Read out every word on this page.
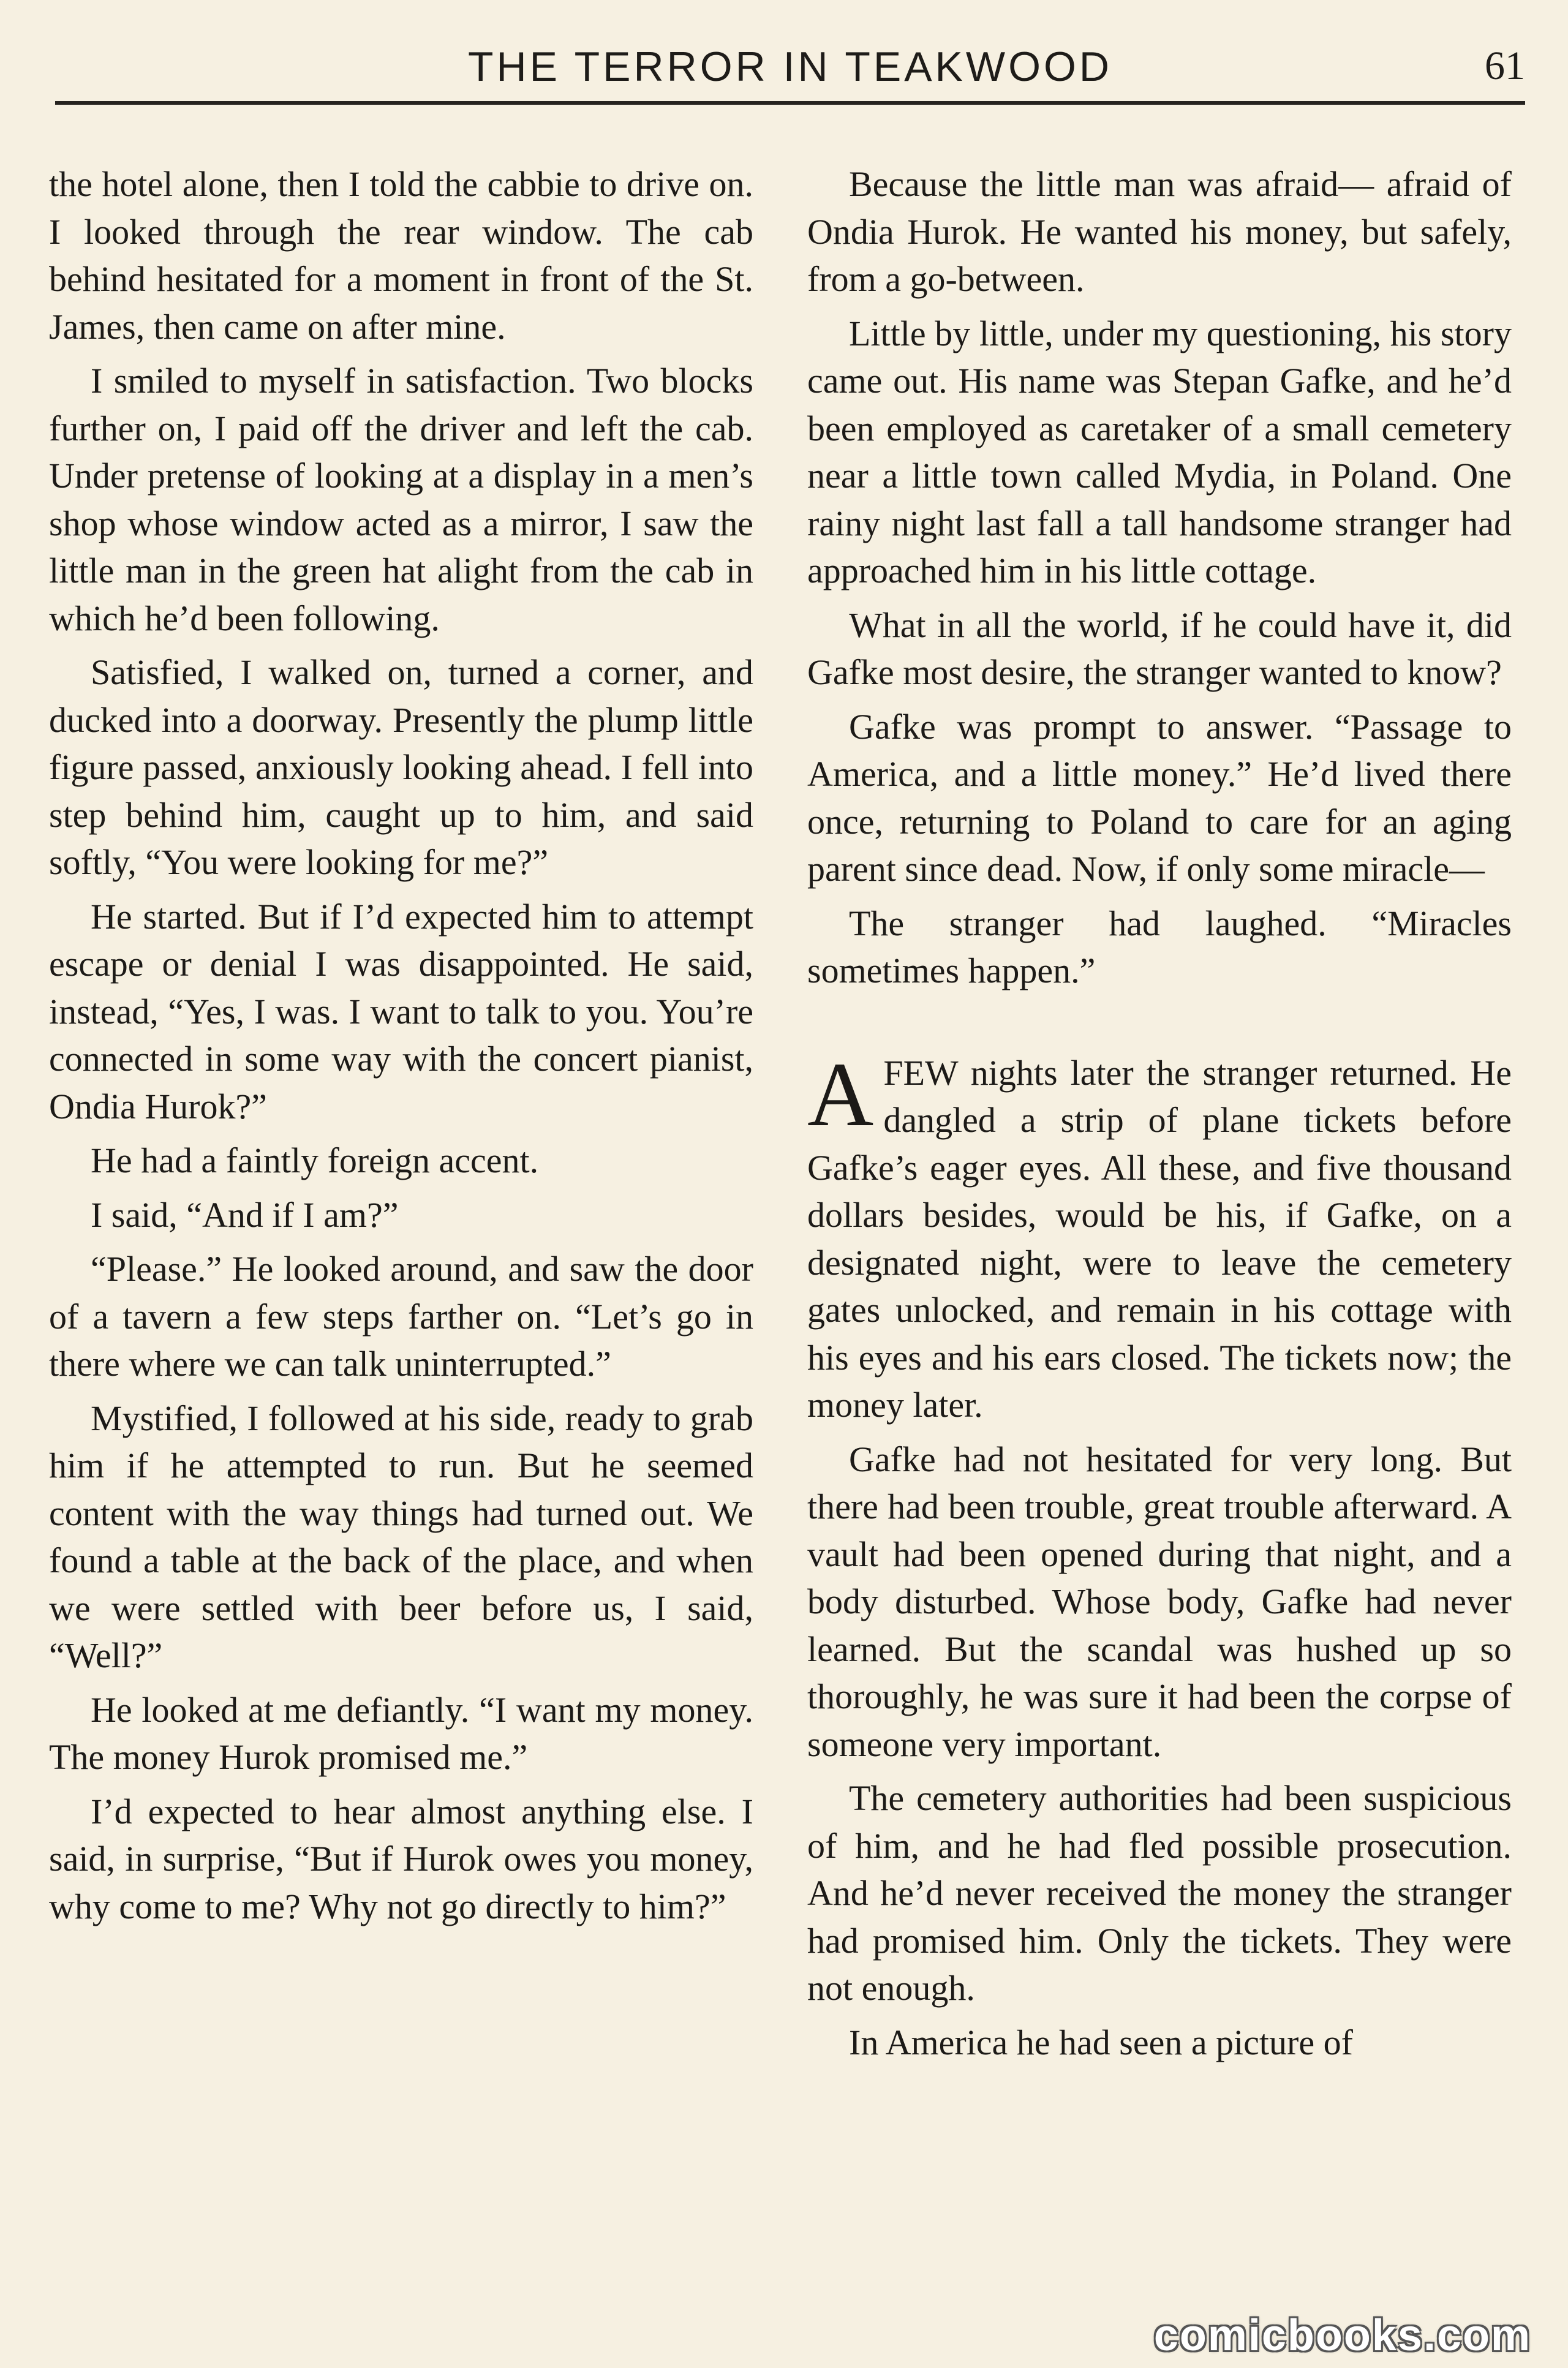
THE TERROR IN TEAKWOOD	61

the hotel alone, then I told the cabbie to drive on. I looked through the rear window. The cab behind hesitated for a moment in front of the St. James, then came on after mine.

I smiled to myself in satisfaction. Two blocks further on, I paid off the driver and left the cab. Under pretense of looking at a display in a men’s shop whose window acted as a mirror, I saw the little man in the green hat alight from the cab in which he’d been following.

Satisfied, I walked on, turned a corner, and ducked into a doorway. Presently the plump little figure passed, anxiously looking ahead. I fell into step behind him, caught up to him, and said softly, “You were looking for me?”

He started. But if I’d expected him to attempt escape or denial I was disappointed. He said, instead, “Yes, I was. I want to talk to you. You’re connected in some way with the concert pianist, Ondia Hurok?”

He had a faintly foreign accent.

I said, “And if I am?”

“Please.” He looked around, and saw the door of a tavern a few steps farther on. “Let’s go in there where we can talk uninterrupted.”

Mystified, I followed at his side, ready to grab him if he attempted to run. But he seemed content with the way things had turned out. We found a table at the back of the place, and when we were settled with beer before us, I said, “Well?”

He looked at me defiantly. “I want my money. The money Hurok promised me.”

I’d expected to hear almost anything else. I said, in surprise, “But if Hurok owes you money, why come to me? Why not go directly to him?”

Because the little man was afraid— afraid of Ondia Hurok. He wanted his money, but safely, from a go-between.

Little by little, under my questioning, his story came out. His name was Stepan Gafke, and he’d been employed as caretaker of a small cemetery near a little town called Mydia, in Poland. One rainy night last fall a tall handsome stranger had approached him in his little cottage.

What in all the world, if he could have it, did Gafke most desire, the stranger wanted to know?

Gafke was prompt to answer. “Passage to America, and a little money.” He’d lived there once, returning to Poland to care for an aging parent since dead. Now, if only some miracle—

The stranger had laughed. “Miracles sometimes happen.”

AFEW nights later the stranger returned. He dangled a strip of plane tickets before Gafke’s eager eyes. All these, and five thousand dollars besides, would be his, if Gafke, on a designated night, were to leave the cemetery gates unlocked, and remain in his cottage with his eyes and his ears closed. The tickets now; the money later.

Gafke had not hesitated for very long. But there had been trouble, great trouble afterward. A vault had been opened during that night, and a body disturbed. Whose body, Gafke had never learned. But the scandal was hushed up so thoroughly, he was sure it had been the corpse of someone very important.

The cemetery authorities had been suspicious of him, and he had fled possible prosecution. And he’d never received the money the stranger had promised him. Only the tickets. They were not enough.

In America he had seen a picture of

comicbooks.com
